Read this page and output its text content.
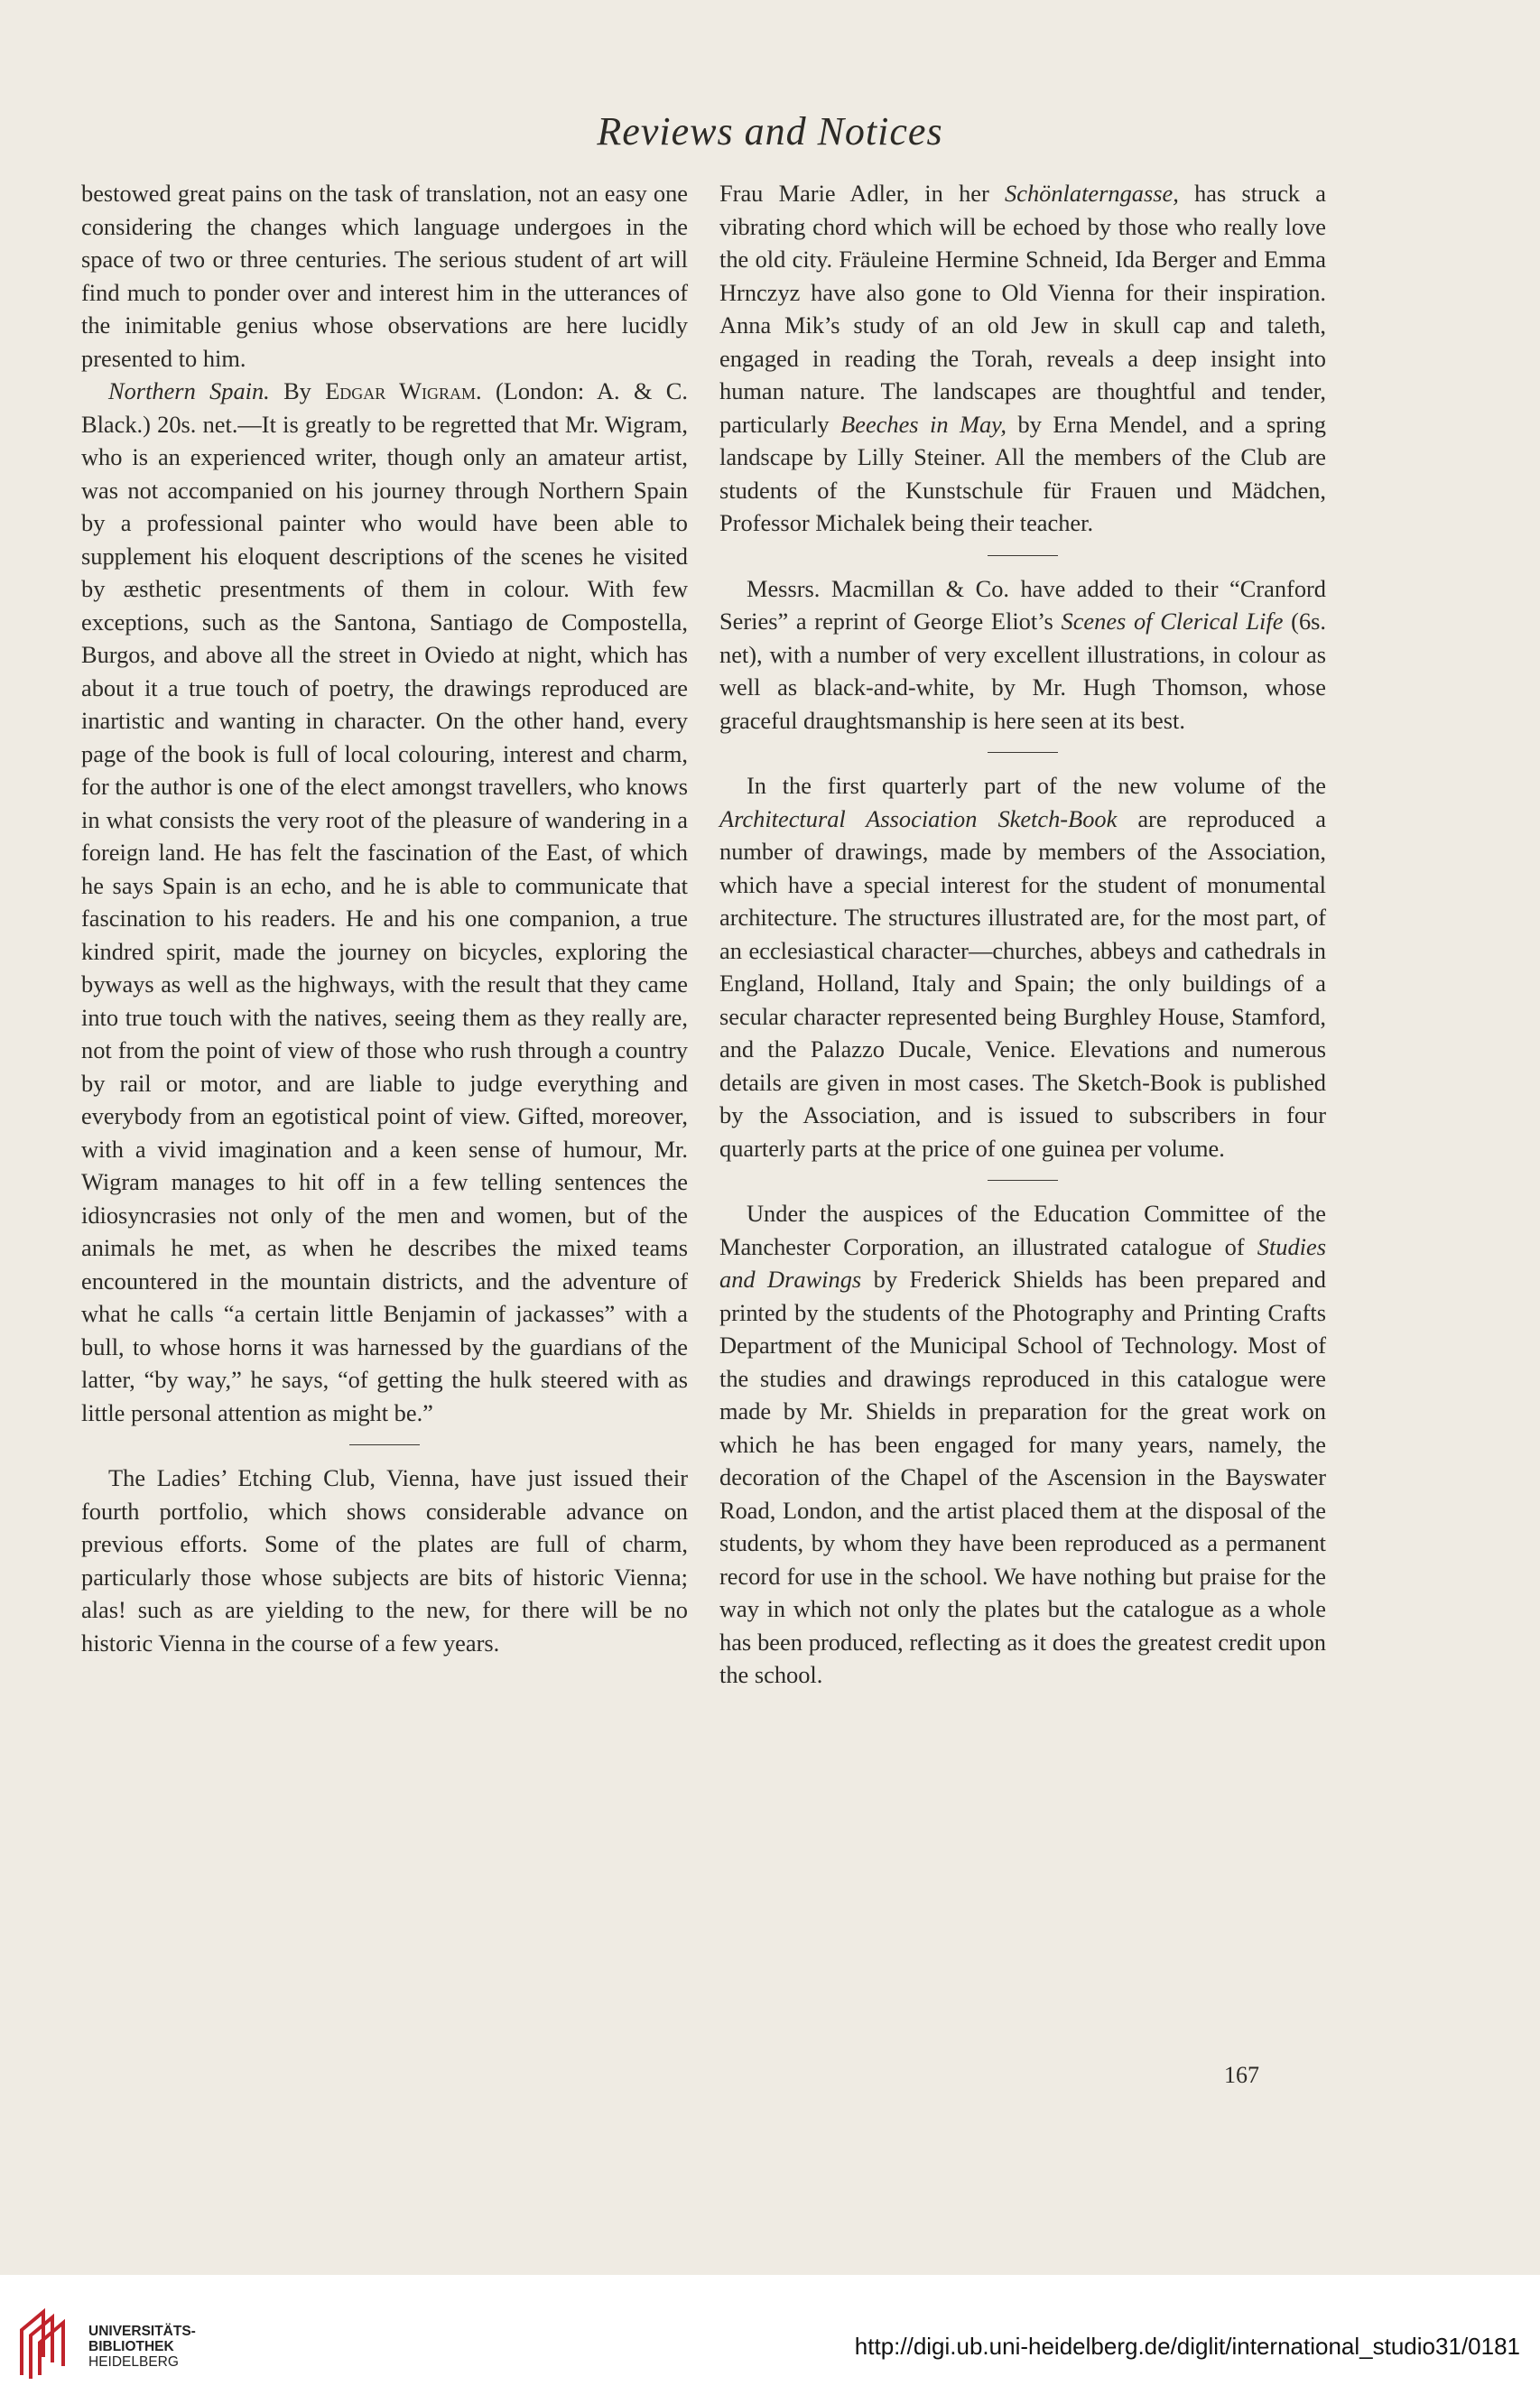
Reviews and Notices

bestowed great pains on the task of translation, not an easy one considering the changes which language undergoes in the space of two or three centuries. The serious student of art will find much to ponder over and interest him in the utterances of the inimitable genius whose observations are here lucidly presented to him.

Northern Spain. By Edgar Wigram. (London: A. & C. Black.) 20s. net.—It is greatly to be regretted that Mr. Wigram, who is an experienced writer, though only an amateur artist, was not accompanied on his journey through Northern Spain by a professional painter who would have been able to supplement his eloquent descriptions of the scenes he visited by æsthetic presentments of them in colour. With few exceptions, such as the Santona, Santiago de Compostella, Burgos, and above all the street in Oviedo at night, which has about it a true touch of poetry, the drawings reproduced are inartistic and wanting in character. On the other hand, every page of the book is full of local colouring, interest and charm, for the author is one of the elect amongst travellers, who knows in what consists the very root of the pleasure of wandering in a foreign land. He has felt the fascination of the East, of which he says Spain is an echo, and he is able to communicate that fascination to his readers. He and his one companion, a true kindred spirit, made the journey on bicycles, exploring the byways as well as the highways, with the result that they came into true touch with the natives, seeing them as they really are, not from the point of view of those who rush through a country by rail or motor, and are liable to judge everything and everybody from an egotistical point of view. Gifted, moreover, with a vivid imagination and a keen sense of humour, Mr. Wigram manages to hit off in a few telling sentences the idiosyncrasies not only of the men and women, but of the animals he met, as when he describes the mixed teams encountered in the mountain districts, and the adventure of what he calls “a certain little Benjamin of jackasses” with a bull, to whose horns it was harnessed by the guardians of the latter, “by way,” he says, “of getting the hulk steered with as little personal attention as might be.”

The Ladies’ Etching Club, Vienna, have just issued their fourth portfolio, which shows considerable advance on previous efforts. Some of the plates are full of charm, particularly those whose subjects are bits of historic Vienna; alas! such as are yielding to the new, for there will be no historic Vienna in the course of a few years.

Frau Marie Adler, in her Schönlaterngasse, has struck a vibrating chord which will be echoed by those who really love the old city. Fräuleine Hermine Schneid, Ida Berger and Emma Hrnczyz have also gone to Old Vienna for their inspiration. Anna Mik’s study of an old Jew in skull cap and taleth, engaged in reading the Torah, reveals a deep insight into human nature. The landscapes are thoughtful and tender, particularly Beeches in May, by Erna Mendel, and a spring landscape by Lilly Steiner. All the members of the Club are students of the Kunstschule für Frauen und Mädchen, Professor Michalek being their teacher.

Messrs. Macmillan & Co. have added to their “Cranford Series” a reprint of George Eliot’s Scenes of Clerical Life (6s. net), with a number of very excellent illustrations, in colour as well as black-and-white, by Mr. Hugh Thomson, whose graceful draughtsmanship is here seen at its best.

In the first quarterly part of the new volume of the Architectural Association Sketch-Book are reproduced a number of drawings, made by members of the Association, which have a special interest for the student of monumental architecture. The structures illustrated are, for the most part, of an ecclesiastical character—churches, abbeys and cathedrals in England, Holland, Italy and Spain; the only buildings of a secular character represented being Burghley House, Stamford, and the Palazzo Ducale, Venice. Elevations and numerous details are given in most cases. The Sketch-Book is published by the Association, and is issued to subscribers in four quarterly parts at the price of one guinea per volume.

Under the auspices of the Education Committee of the Manchester Corporation, an illustrated catalogue of Studies and Drawings by Frederick Shields has been prepared and printed by the students of the Photography and Printing Crafts Department of the Municipal School of Technology. Most of the studies and drawings reproduced in this catalogue were made by Mr. Shields in preparation for the great work on which he has been engaged for many years, namely, the decoration of the Chapel of the Ascension in the Bayswater Road, London, and the artist placed them at the disposal of the students, by whom they have been reproduced as a permanent record for use in the school. We have nothing but praise for the way in which not only the plates but the catalogue as a whole has been produced, reflecting as it does the greatest credit upon the school.

167
UNIVERSITÄTS-
BIBLIOTHEK
HEIDELBERG
http://digi.ub.uni-heidelberg.de/diglit/international_studio31/0181
